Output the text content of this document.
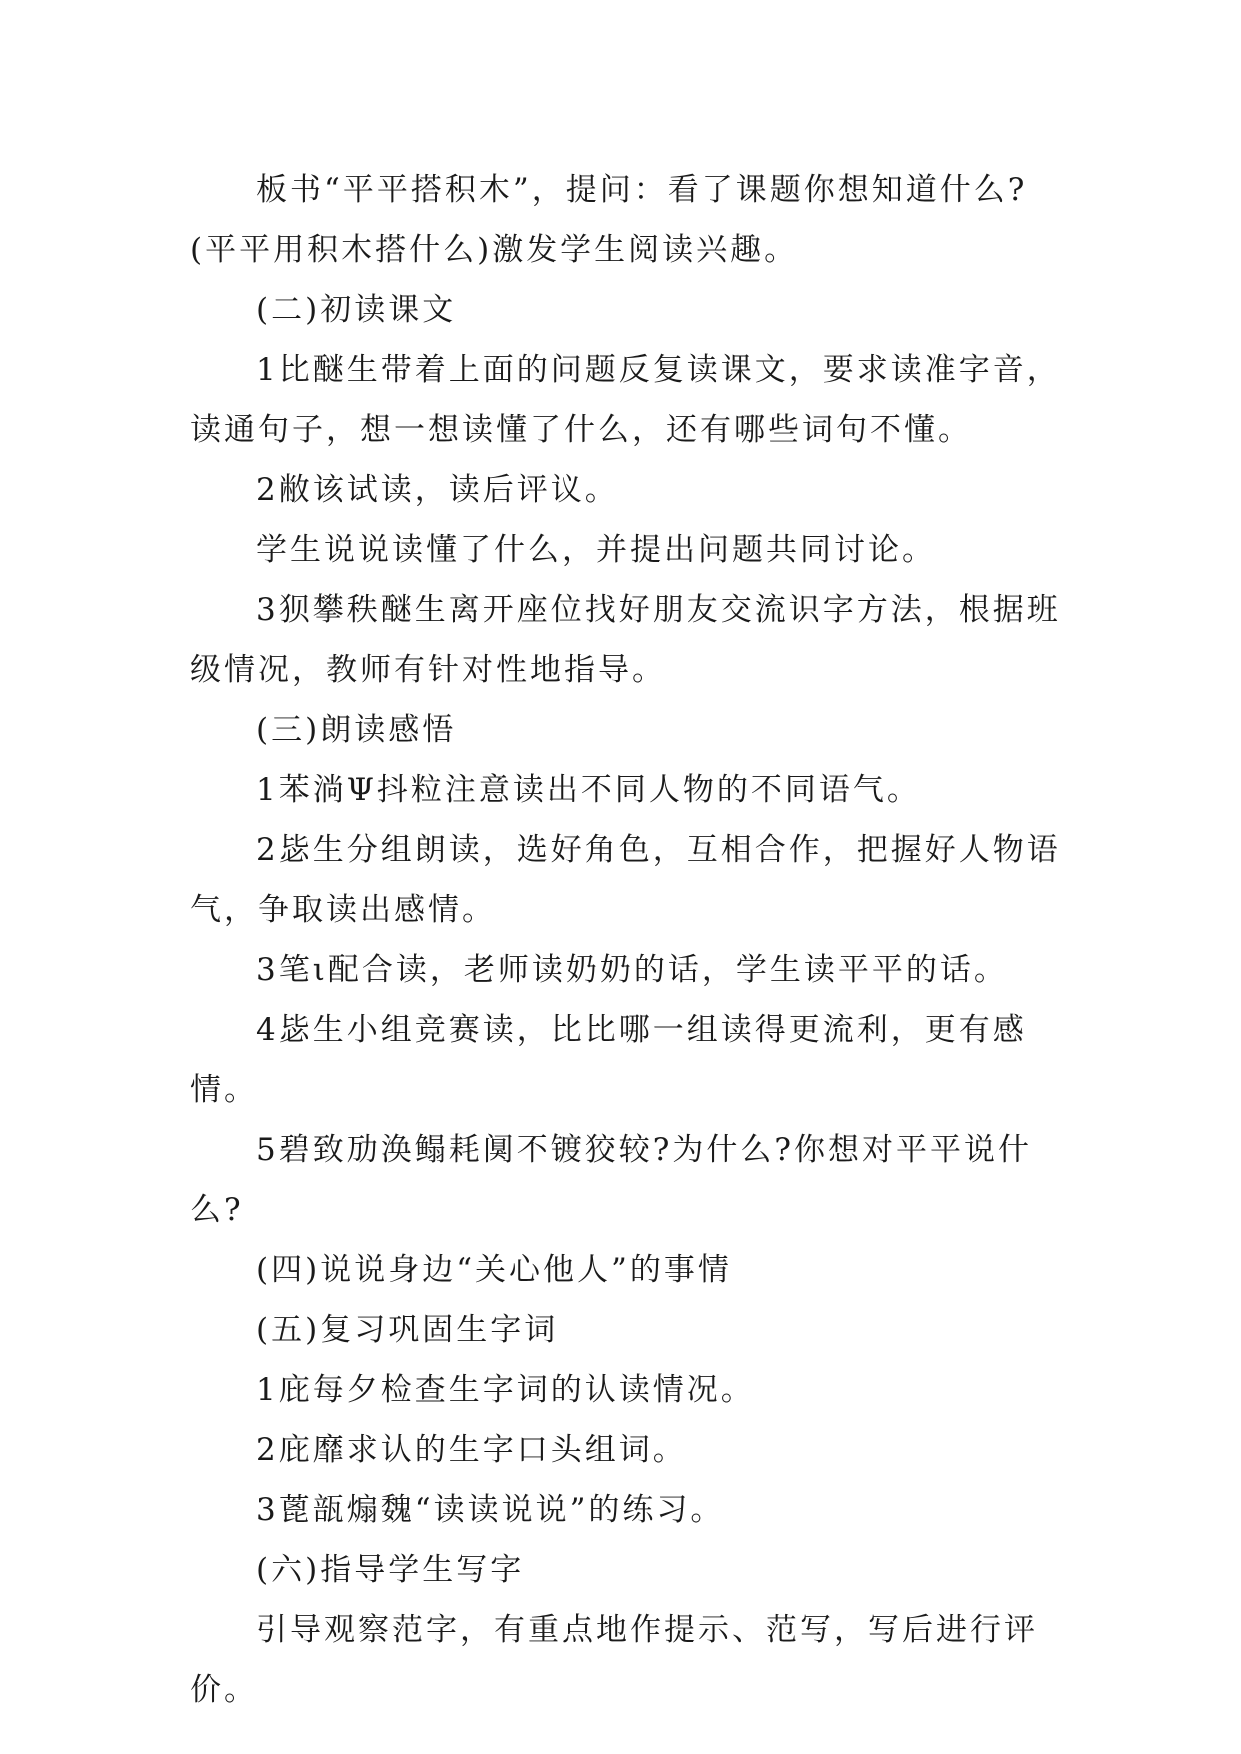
板书“平平搭积木”，提问：看了课题你想知道什么?(平平用积木搭什么)激发学生阅读兴趣。

(二)初读课文

1比醚生带着上面的问题反复读课文，要求读准字音，读通句子，想一想读懂了什么，还有哪些词句不懂。

2敝该试读，读后评议。

学生说说读懂了什么，并提出问题共同讨论。

3狈攀秩醚生离开座位找好朋友交流识字方法，根据班级情况，教师有针对性地指导。

(三)朗读感悟

1苯淌Ψ抖粒注意读出不同人物的不同语气。

2毖生分组朗读，选好角色，互相合作，把握好人物语气，争取读出感情。

3笔ι配合读，老师读奶奶的话，学生读平平的话。

4毖生小组竞赛读，比比哪一组读得更流利，更有感情。

5碧致劢涣鳎耗阒不镀狡较?为什么?你想对平平说什么?

(四)说说身边“关心他人”的事情

(五)复习巩固生字词

1庇每夕检查生字词的认读情况。

2庇靡求认的生字口头组词。

3蓖瓿煽魏“读读说说”的练习。

(六)指导学生写字

引导观察范字，有重点地作提示、范写，写后进行评价。
